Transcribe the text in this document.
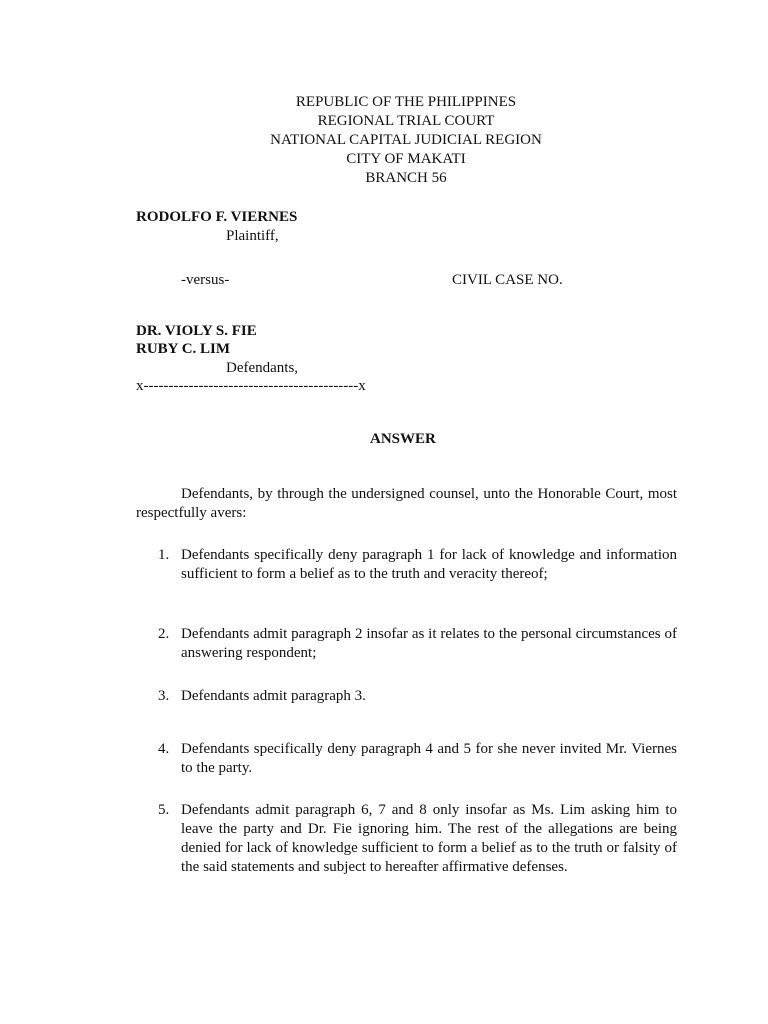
REPUBLIC OF THE PHILIPPINES
REGIONAL TRIAL COURT
NATIONAL CAPITAL JUDICIAL REGION
CITY OF MAKATI
BRANCH 56
RODOLFO F. VIERNES
Plaintiff,
-versus-	CIVIL CASE NO.
DR. VIOLY S. FIE
RUBY C. LIM
Defendants,
x-------------------------------------------x
ANSWER
Defendants, by through the undersigned counsel, unto the Honorable Court, most respectfully avers:
1. Defendants specifically deny paragraph 1 for lack of knowledge and information sufficient to form a belief as to the truth and veracity thereof;
2. Defendants admit paragraph 2 insofar as it relates to the personal circumstances of answering respondent;
3. Defendants admit paragraph 3.
4. Defendants specifically deny paragraph 4 and 5 for she never invited Mr. Viernes to the party.
5. Defendants admit paragraph 6, 7 and 8 only insofar as Ms. Lim asking him to leave the party and Dr. Fie ignoring him. The rest of the allegations are being denied for lack of knowledge sufficient to form a belief as to the truth or falsity of the said statements and subject to hereafter affirmative defenses.
